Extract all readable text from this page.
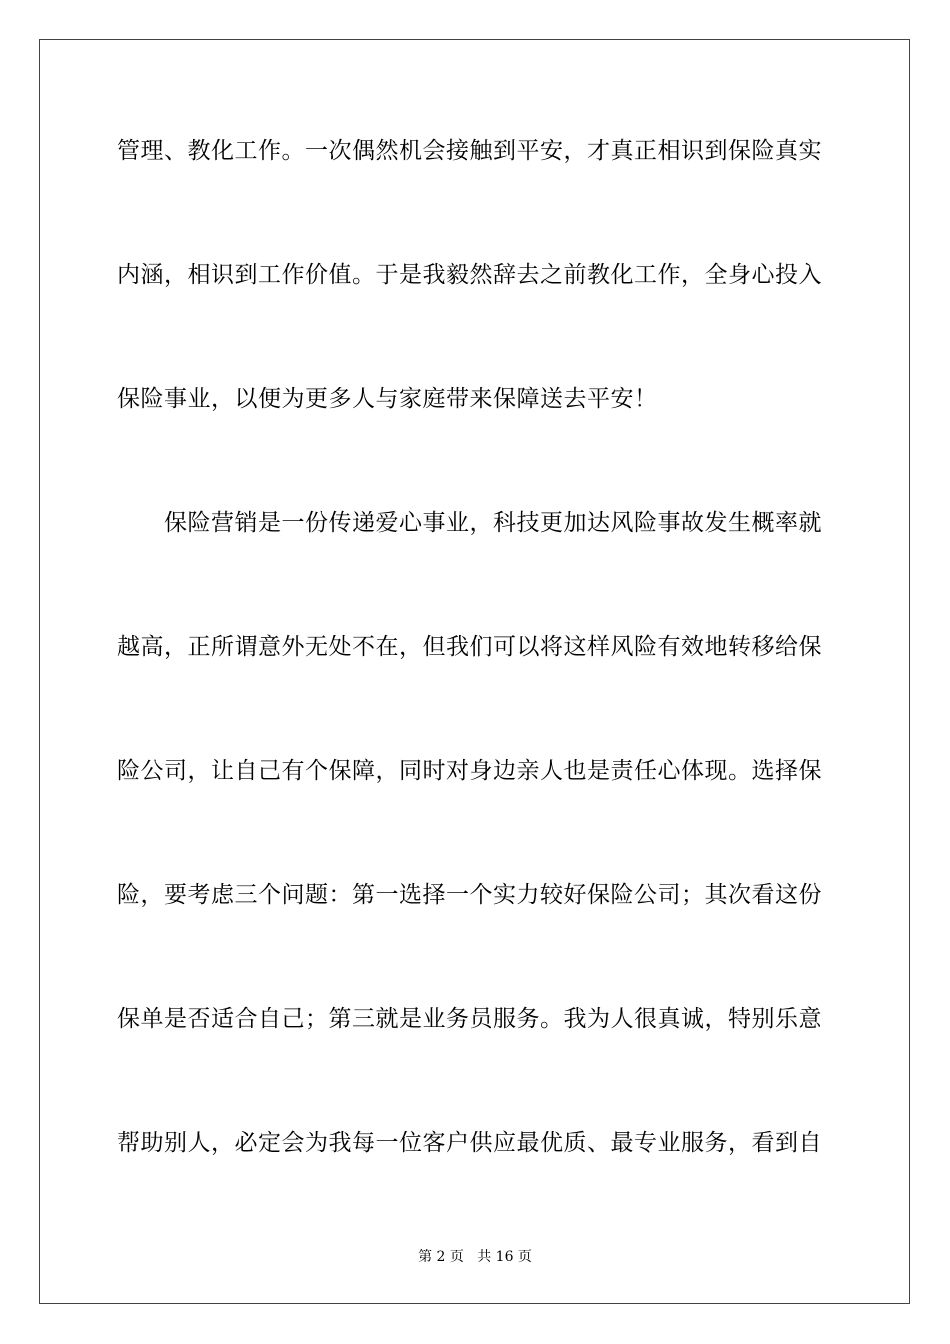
管理、教化工作。一次偶然机会接触到平安，才真正相识到保险真实
内涵，相识到工作价值。于是我毅然辞去之前教化工作，全身心投入
保险事业，以便为更多人与家庭带来保障送去平安！
保险营销是一份传递爱心事业，科技更加达风险事故发生概率就
越高，正所谓意外无处不在，但我们可以将这样风险有效地转移给保
险公司，让自己有个保障，同时对身边亲人也是责任心体现。选择保
险，要考虑三个问题：第一选择一个实力较好保险公司；其次看这份
保单是否适合自己；第三就是业务员服务。我为人很真诚，特别乐意
帮助别人，必定会为我每一位客户供应最优质、最专业服务，看到自
第 2 页   共 16 页
